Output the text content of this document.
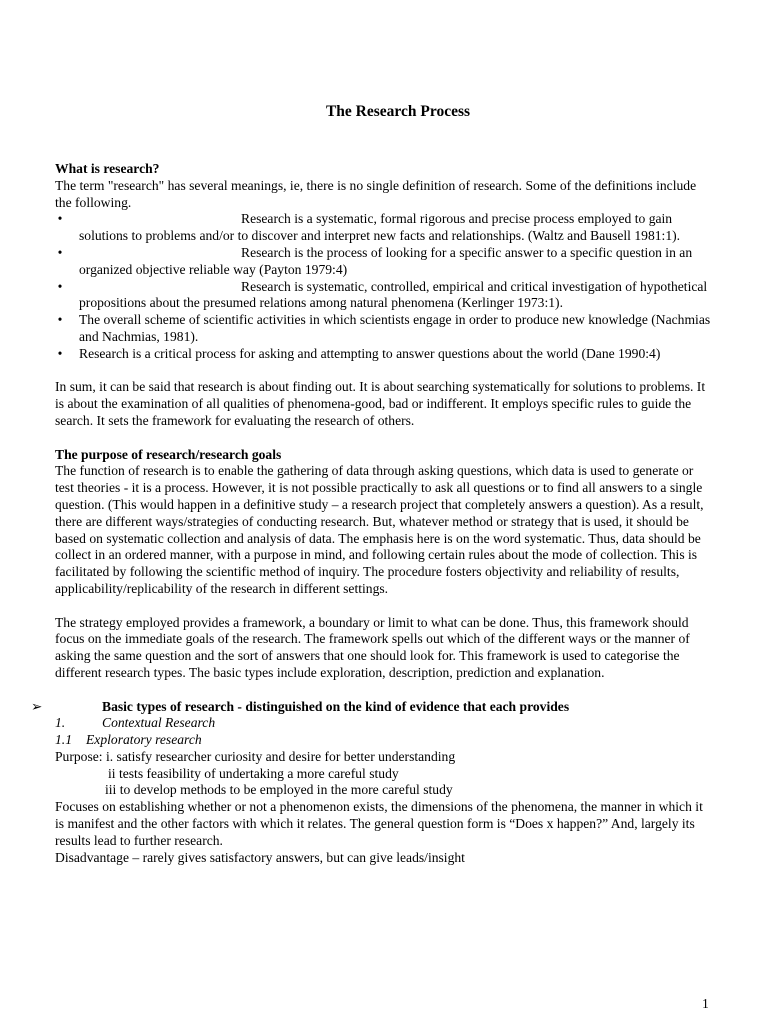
The Research Process

What is research?

The term "research" has several meanings, ie, there is no single definition of research. Some of the definitions include the following.

•	Research is a systematic, formal rigorous and precise process employed to gain solutions to problems and/or to discover and interpret new facts and relationships. (Waltz and Bausell 1981:1).
•	Research is the process of looking for a specific answer to a specific question in an organized objective reliable way (Payton 1979:4)
•	Research is systematic, controlled, empirical and critical investigation of hypothetical propositions about the presumed relations among natural phenomena (Kerlinger 1973:1).
• The overall scheme of scientific activities in which scientists engage in order to produce new knowledge (Nachmias and Nachmias, 1981).
• Research is a critical process for asking and attempting to answer questions about the world (Dane 1990:4)

In sum, it can be said that research is about finding out. It is about searching systematically for solutions to problems. It is about the examination of all qualities of phenomena-good, bad or indifferent. It employs specific rules to guide the search. It sets the framework for evaluating the research of others.

The purpose of research/research goals

The function of research is to enable the gathering of data through asking questions, which data is used to generate or test theories - it is a process. However, it is not possible practically to ask all questions or to find all answers to a single question. (This would happen in a definitive study – a research project that completely answers a question). As a result, there are different ways/strategies of conducting research. But, whatever method or strategy that is used, it should be based on systematic collection and analysis of data. The emphasis here is on the word systematic. Thus, data should be collect in an ordered manner, with a purpose in mind, and following certain rules about the mode of collection. This is facilitated by following the scientific method of inquiry. The procedure fosters objectivity and reliability of results, applicability/replicability of the research in different settings.

The strategy employed provides a framework, a boundary or limit to what can be done. Thus, this framework should focus on the immediate goals of the research. The framework spells out which of the different ways or the manner of asking the same question and the sort of answers that one should look for. This framework is used to categorise the different research types. The basic types include exploration, description, prediction and explanation.

➢	Basic types of research - distinguished on the kind of evidence that each provides

1.	Contextual Research

1.1 Exploratory research

Purpose: i. satisfy researcher curiosity and desire for better understanding

ii tests feasibility of undertaking a more careful study

iii to develop methods to be employed in the more careful study

Focuses on establishing whether or not a phenomenon exists, the dimensions of the phenomena, the manner in which it is manifest and the other factors with which it relates. The general question form is “Does x happen?” And, largely its results lead to further research.

Disadvantage – rarely gives satisfactory answers, but can give leads/insight

1
